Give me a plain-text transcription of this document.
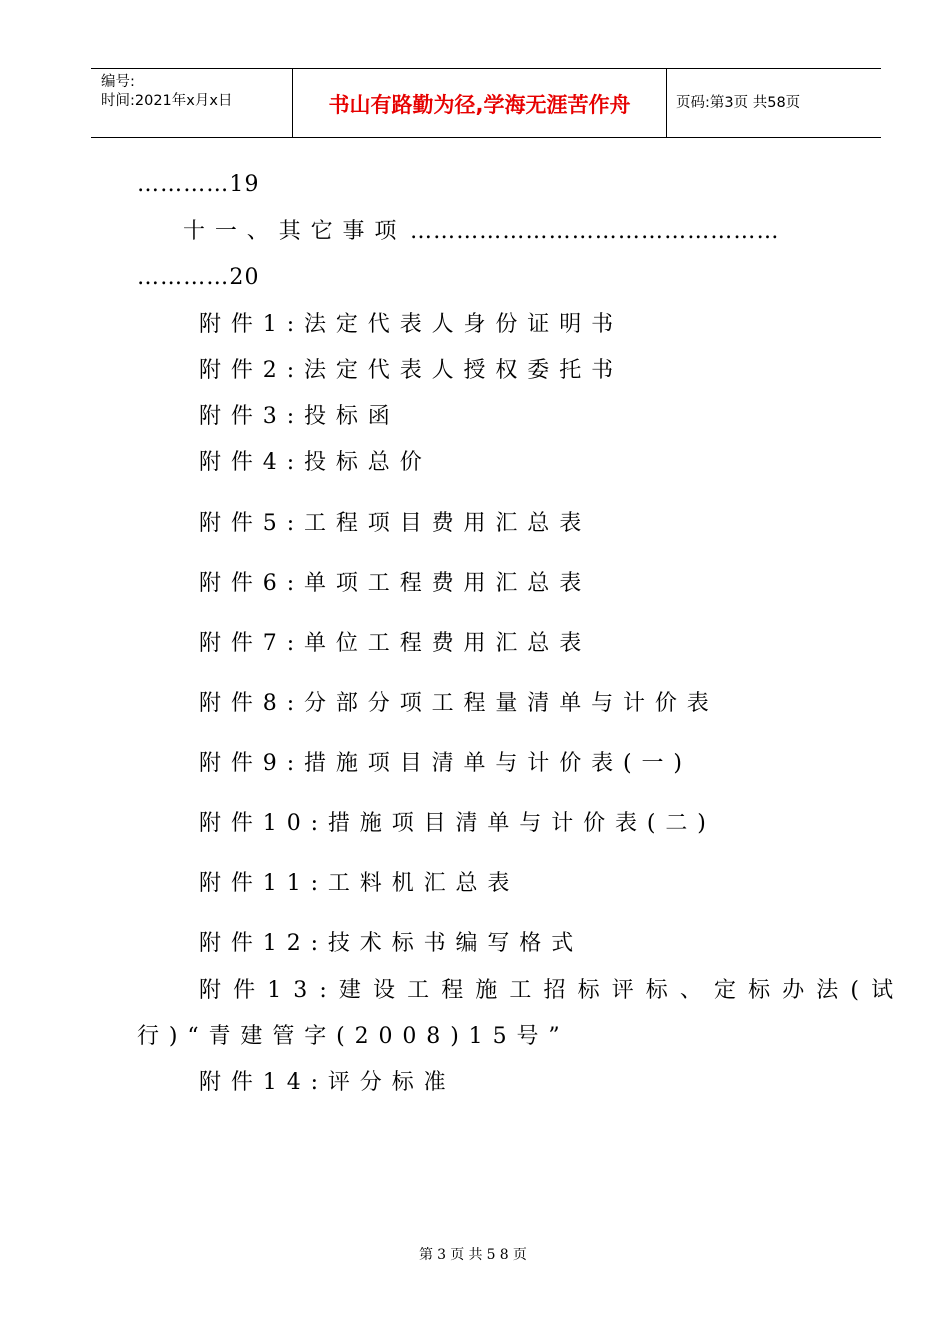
编号:
时间:2021年x月x日	书山有路勤为径,学海无涯苦作舟	页码:第3页 共58页
…………19
十一、其它事项 …………………………………………
…………20
附件1:法定代表人身份证明书
附件2:法定代表人授权委托书
附件3:投标函
附件4:投标总价
附件5:工程项目费用汇总表
附件6:单项工程费用汇总表
附件7:单位工程费用汇总表
附件8:分部分项工程量清单与计价表
附件9:措施项目清单与计价表(一)
附件10:措施项目清单与计价表(二)
附件11:工料机汇总表
附件12:技术标书编写格式
附件13:建设工程施工招标评标、定标办法(试
行)“青建管字(2008)15号”
附件14:评分标准
第3页共58页
